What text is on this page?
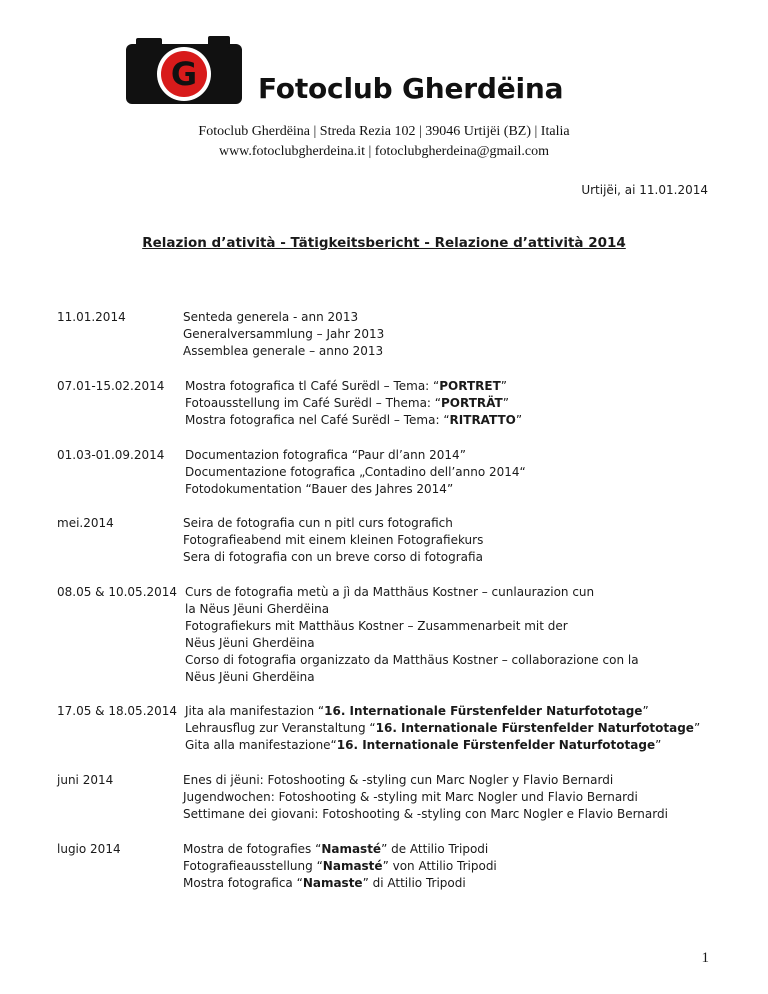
G Fotoclub Gherdëina
Fotoclub Gherdëina | Streda Rezia 102 | 39046 Urtijëi (BZ) | Italia
www.fotoclubgherdeina.it | fotoclubgherdeina@gmail.com
Urtijëi, ai 11.01.2014
Relazion d’atività - Tätigkeitsbericht - Relazione d’attività 2014
11.01.2014	Senteda generela - ann 2013
Generalversammlung – Jahr 2013
Assemblea generale – anno 2013
07.01-15.02.2014 Mostra fotografica tl Café Surëdl – Tema: “PORTRET”
Fotoausstellung im Café Surëdl – Thema: “PORTRÄT”
Mostra fotografica nel Café Surëdl – Tema: “RITRATTO”
01.03-01.09.2014 Documentazion fotografica “Paur dl’ann 2014”
Documentazione fotografica „Contadino dell’anno 2014“
Fotodokumentation “Bauer des Jahres 2014”
mei.2014	Seira de fotografia cun n pitl curs fotografich
Fotografieabend mit einem kleinen Fotografiekurs
Sera di fotografia con un breve corso di fotografia
08.05 & 10.05.2014 Curs de fotografia metù a jì da Matthäus Kostner – cunlaurazion cun
la Nëus Jëuni Gherdëina
Fotografiekurs mit Matthäus Kostner – Zusammenarbeit mit der
Nëus Jëuni Gherdëina
Corso di fotografia organizzato da Matthäus Kostner – collaborazione con la
Nëus Jëuni Gherdëina
17.05 & 18.05.2014 Jita ala manifestazion “16. Internationale Fürstenfelder Naturfototage”
Lehrausflug zur Veranstaltung “16. Internationale Fürstenfelder Naturfototage”
Gita alla manifestazione“16. Internationale Fürstenfelder Naturfototage”
juni 2014	Enes di jëuni: Fotoshooting & -styling cun Marc Nogler y Flavio Bernardi
Jugendwochen: Fotoshooting & -styling mit Marc Nogler und Flavio Bernardi
Settimane dei giovani: Fotoshooting & -styling con Marc Nogler e Flavio Bernardi
lugio 2014	Mostra de fotografies “Namasté” de Attilio Tripodi
Fotografieausstellung “Namasté” von Attilio Tripodi
Mostra fotografica “Namaste” di Attilio Tripodi
1
